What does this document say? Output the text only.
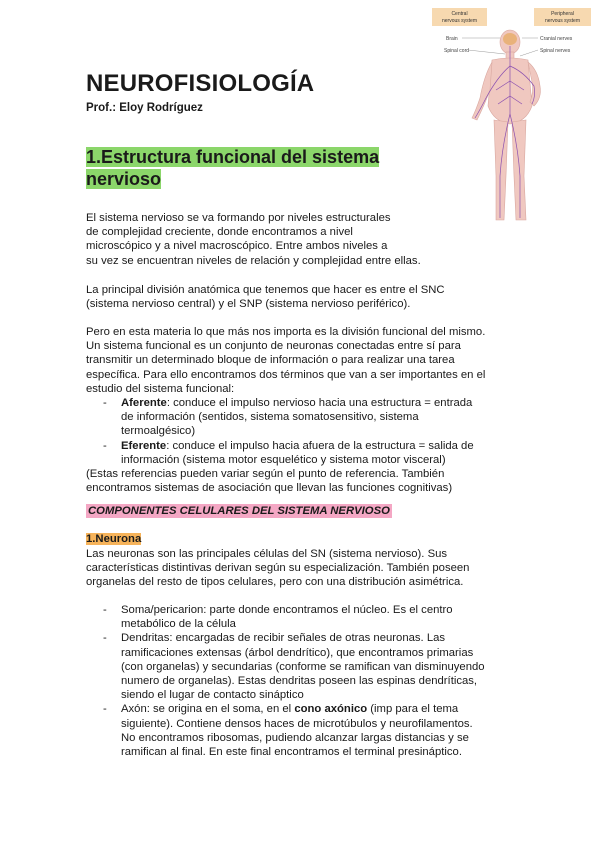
NEUROFISIOLOGÍA
Prof.: Eloy Rodríguez
1.Estructura funcional del sistema
nervioso
Central
nervous system
Peripheral
nervous system
Brain
Spinal cord
Cranial nerves
Spinal nerves
El sistema nervioso se va formando por niveles estructurales
de complejidad creciente, donde encontramos a nivel
microscópico y a nivel macroscópico. Entre ambos niveles a
su vez se encuentran niveles de relación y complejidad entre ellas.
La principal división anatómica que tenemos que hacer es entre el SNC
(sistema nervioso central) y el SNP (sistema nervioso periférico).
Pero en esta materia lo que más nos importa es la división funcional del mismo.
Un sistema funcional es un conjunto de neuronas conectadas entre sí para
transmitir un determinado bloque de información o para realizar una tarea
específica. Para ello encontramos dos términos que van a ser importantes en el
estudio del sistema funcional:
- Aferente: conduce el impulso nervioso hacia una estructura = entrada
de información (sentidos, sistema somatosensitivo, sistema
termoalgésico)
- Eferente: conduce el impulso hacia afuera de la estructura = salida de
información (sistema motor esquelético y sistema motor visceral)
(Estas referencias pueden variar según el punto de referencia. También
encontramos sistemas de asociación que llevan las funciones cognitivas)
COMPONENTES CELULARES DEL SISTEMA NERVIOSO
1.Neurona
Las neuronas son las principales células del SN (sistema nervioso). Sus
características distintivas derivan según su especialización. También poseen
organelas del resto de tipos celulares, pero con una distribución asimétrica.
- Soma/pericarion: parte donde encontramos el núcleo. Es el centro
metabólico de la célula
- Dendritas: encargadas de recibir señales de otras neuronas. Las
ramificaciones extensas (árbol dendrítico), que encontramos primarias
(con organelas) y secundarias (conforme se ramifican van disminuyendo
numero de organelas). Estas dendritas poseen las espinas dendríticas,
siendo el lugar de contacto sináptico
- Axón: se origina en el soma, en el cono axónico (imp para el tema
siguiente). Contiene densos haces de microtúbulos y neurofilamentos.
No encontramos ribosomas, pudiendo alcanzar largas distancias y se
ramifican al final. En este final encontramos el terminal presináptico.
